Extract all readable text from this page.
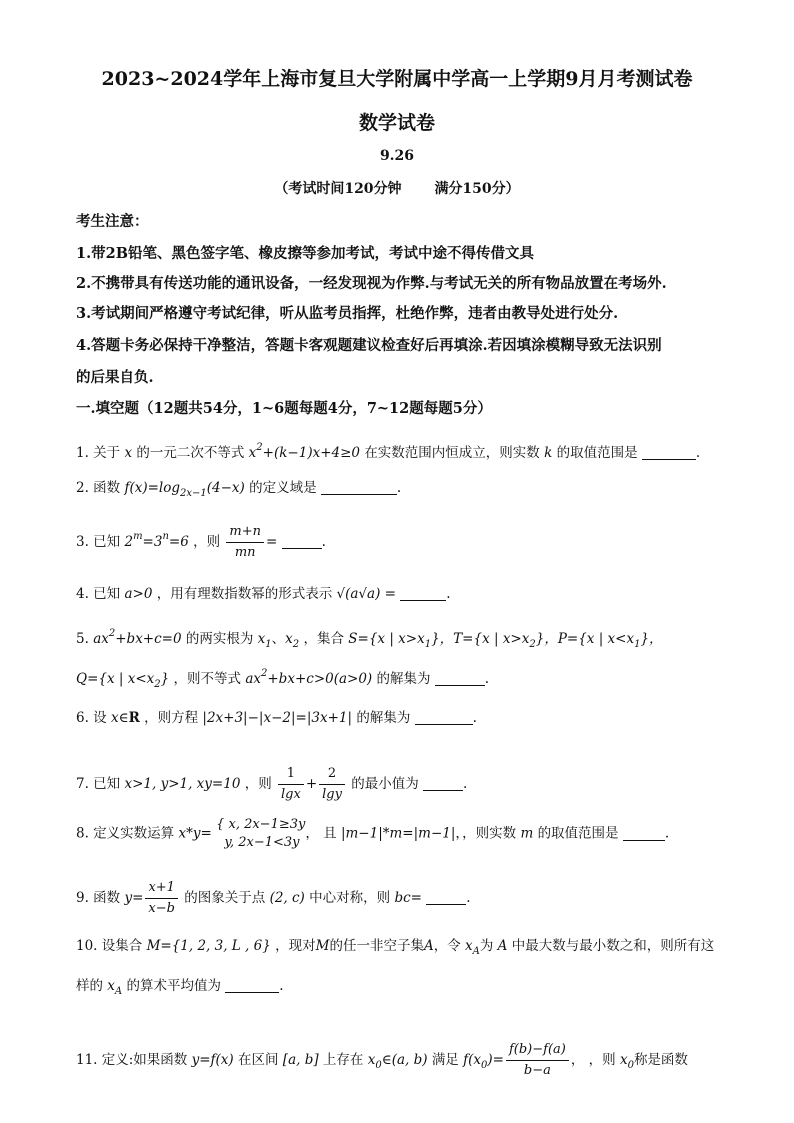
2023~2024学年上海市复旦大学附属中学高一上学期9月月考测试卷
数学试卷
9.26
（考试时间120分钟 满分150分）
考生注意：
1.带2B铅笔、黑色签字笔、橡皮擦等参加考试，考试中途不得传借文具
2.不携带具有传送功能的通讯设备，一经发现视为作弊.与考试无关的所有物品放置在考场外.
3.考试期间严格遵守考试纪律，听从监考员指挥，杜绝作弊，违者由教导处进行处分.
4.答题卡务必保持干净整洁，答题卡客观题建议检查好后再填涂.若因填涂模糊导致无法识别
的后果自负.
一.填空题（12题共54分，1~6题每题4分，7~12题每题5分）
1. 关于 x 的一元二次不等式 $x^2+(k-1)x+4\ge 0$ 在实数范围内恒成立，则实数 k 的取值范围是	.
2. 函数 $f(x)=\log_{2x-1}(4-x)$ 的定义域是	.
3. 已知 $2^m=3^n=6$ ，则 $\frac{m+n}{mn}$ =	.
4. 已知 a>0 ，用有理数指数幂的形式表示 √(a√a) =	.
5. $ax^2+bx+c=0$ 的两实根为 $x_1$、$x_2$ ，集合 S={x | $x>x_1$}，T={x | $x>x_2$}，P={x | $x<x_1$}，
Q={x | $x<x_2$} ，则不等式 $ax^2+bx+c>0(a>0)$ 的解集为	.
6. 设 x∈R ，则方程 |2x+3|−|x−2|=|3x+1| 的解集为	.
7. 已知 x>1, y>1, xy=10 ，则 $\frac{1}{\lg x} + \frac{2}{\lg y}$ 的最小值为	.
8. 定义实数运算 x*y= { x, 2x−1≥3y
y, 2x−1<3y， 且 |m−1|*m=|m−1|，，则实数 m 的取值范围是	.
9. 函数 $y= \frac{x+1}{x-b}$ 的图象关于点 (2, c) 中心对称，则 bc=	.
10. 设集合 M={1, 2, 3, L , 6} ，现对M的任一非空子集A，令 $x_A$为 A 中最大数与最小数之和，则所有这
样的 $x_A$ 的算术平均值为	.
11. 定义:如果函数 y=f(x) 在区间 [a, b] 上存在 $x_0\in(a$, b) 满足 $f(x_0)= \frac{f(b)-f(a)}{b-a}$ ， ，则 $x_0$称是函数
